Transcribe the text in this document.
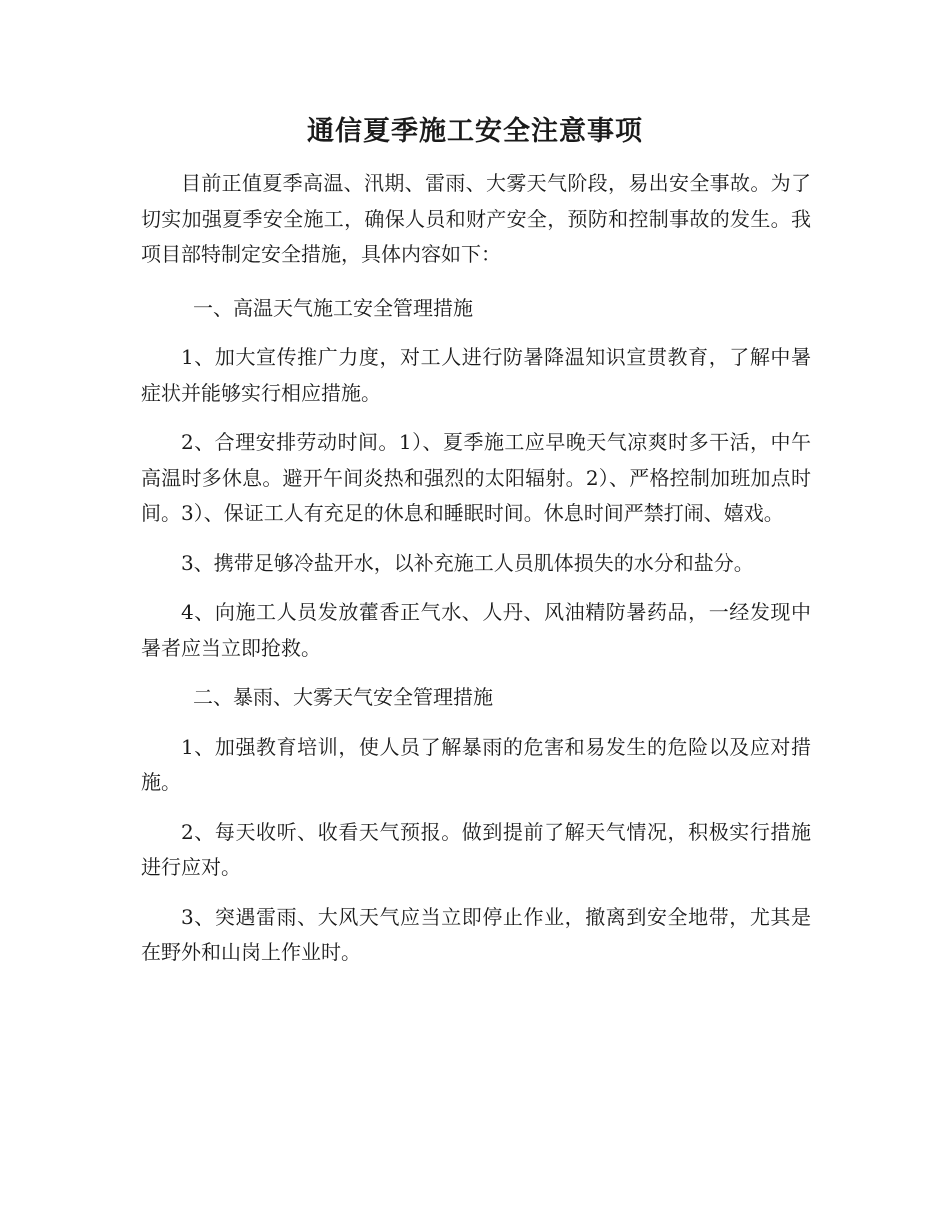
通信夏季施工安全注意事项

目前正值夏季高温、汛期、雷雨、大雾天气阶段，易出安全事故。为了切实加强夏季安全施工，确保人员和财产安全，预防和控制事故的发生。我项目部特制定安全措施，具体内容如下：

一、高温天气施工安全管理措施

1、加大宣传推广力度，对工人进行防暑降温知识宣贯教育，了解中暑症状并能够实行相应措施。

2、合理安排劳动时间。1）、夏季施工应早晚天气凉爽时多干活，中午高温时多休息。避开午间炎热和强烈的太阳辐射。2）、严格控制加班加点时间。3）、保证工人有充足的休息和睡眠时间。休息时间严禁打闹、嬉戏。

3、携带足够冷盐开水，以补充施工人员肌体损失的水分和盐分。

4、向施工人员发放藿香正气水、人丹、风油精防暑药品，一经发现中暑者应当立即抢救。

二、暴雨、大雾天气安全管理措施

1、加强教育培训，使人员了解暴雨的危害和易发生的危险以及应对措施。

2、每天收听、收看天气预报。做到提前了解天气情况，积极实行措施进行应对。

3、突遇雷雨、大风天气应当立即停止作业，撤离到安全地带，尤其是在野外和山岗上作业时。
